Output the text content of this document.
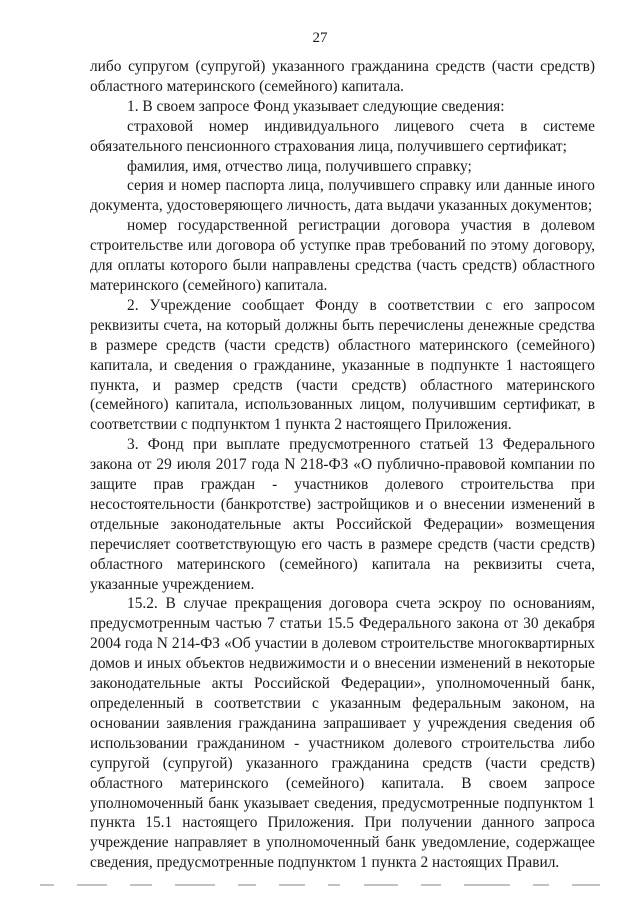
27

либо супругом (супругой) указанного гражданина средств (части средств) областного материнского (семейного) капитала.

1. В своем запросе Фонд указывает следующие сведения:

страховой номер индивидуального лицевого счета в системе обязательного пенсионного страхования лица, получившего сертификат;

фамилия, имя, отчество лица, получившего справку;

серия и номер паспорта лица, получившего справку или данные иного документа, удостоверяющего личность, дата выдачи указанных документов;

номер государственной регистрации договора участия в долевом строительстве или договора об уступке прав требований по этому договору, для оплаты которого были направлены средства (часть средств) областного материнского (семейного) капитала.

2. Учреждение сообщает Фонду в соответствии с его запросом реквизиты счета, на который должны быть перечислены денежные средства в размере средств (части средств) областного материнского (семейного) капитала, и сведения о гражданине, указанные в подпункте 1 настоящего пункта, и размер средств (части средств) областного материнского (семейного) капитала, использованных лицом, получившим сертификат, в соответствии с подпунктом 1 пункта 2 настоящего Приложения.

3. Фонд при выплате предусмотренного статьей 13 Федерального закона от 29 июля 2017 года N 218-ФЗ «О публично-правовой компании по защите прав граждан - участников долевого строительства при несостоятельности (банкротстве) застройщиков и о внесении изменений в отдельные законодательные акты Российской Федерации» возмещения перечисляет соответствующую его часть в размере средств (части средств) областного материнского (семейного) капитала на реквизиты счета, указанные учреждением.

15.2. В случае прекращения договора счета эскроу по основаниям, предусмотренным частью 7 статьи 15.5 Федерального закона от 30 декабря 2004 года N 214-ФЗ «Об участии в долевом строительстве многоквартирных домов и иных объектов недвижимости и о внесении изменений в некоторые законодательные акты Российской Федерации», уполномоченный банк, определенный в соответствии с указанным федеральным законом, на основании заявления гражданина запрашивает у учреждения сведения об использовании гражданином - участником долевого строительства либо супругой (супругой) указанного гражданина средств (части средств) областного материнского (семейного) капитала. В своем запросе уполномоченный банк указывает сведения, предусмотренные подпунктом 1 пункта 15.1 настоящего Приложения. При получении данного запроса учреждение направляет в уполномоченный банк уведомление, содержащее сведения, предусмотренные подпунктом 1 пункта 2 настоящих Правил.
